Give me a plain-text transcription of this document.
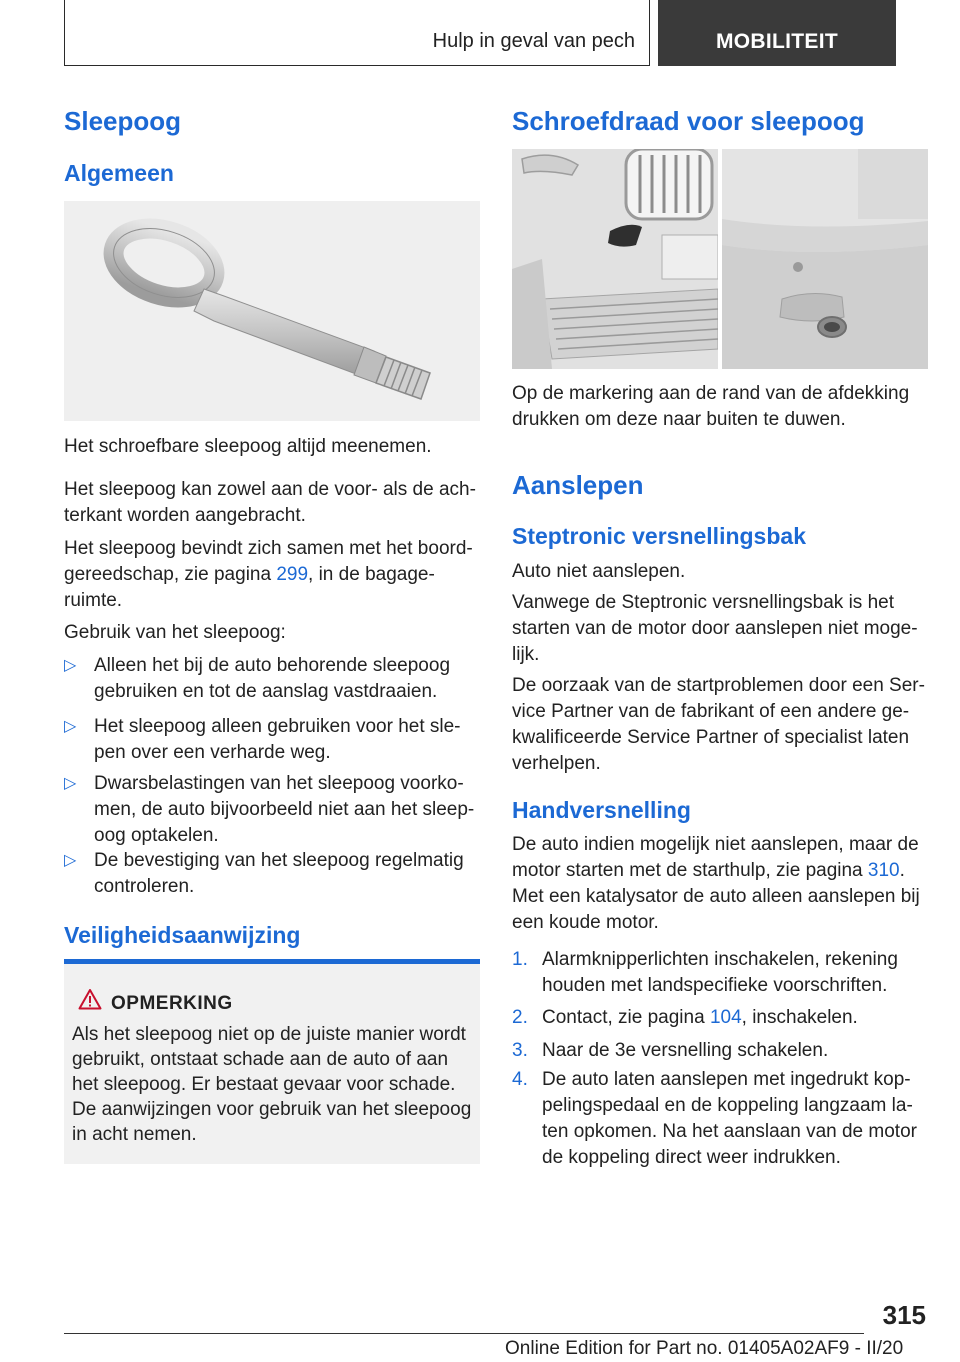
Hulp in geval van pech	MOBILITEIT
Sleepoog
Algemeen
Het schroefbare sleepoog altijd meenemen.
Het sleepoog kan zowel aan de voor- als de ach-
terkant worden aangebracht.
Het sleepoog bevindt zich samen met het boord-
gereedschap, zie pagina 299, in de bagage-
ruimte.
Gebruik van het sleepoog:
▷ Alleen het bij de auto behorende sleepoog
gebruiken en tot de aanslag vastdraaien.
▷ Het sleepoog alleen gebruiken voor het sle-
pen over een verharde weg.
▷ Dwarsbelastingen van het sleepoog voorko-
men, de auto bijvoorbeeld niet aan het sleep-
oog optakelen.
▷ De bevestiging van het sleepoog regelmatig
controleren.
Veiligheidsaanwijzing
OPMERKING
Als het sleepoog niet op de juiste manier wordt
gebruikt, ontstaat schade aan de auto of aan
het sleepoog. Er bestaat gevaar voor schade.
De aanwijzingen voor gebruik van het sleepoog
in acht nemen.
Schroefdraad voor sleepoog
Op de markering aan de rand van de afdekking
drukken om deze naar buiten te duwen.
Aanslepen
Steptronic versnellingsbak
Auto niet aanslepen.
Vanwege de Steptronic versnellingsbak is het
starten van de motor door aanslepen niet moge-
lijk.
De oorzaak van de startproblemen door een Ser-
vice Partner van de fabrikant of een andere ge-
kwalificeerde Service Partner of specialist laten
verhelpen.
Handversnelling
De auto indien mogelijk niet aanslepen, maar de
motor starten met de starthulp, zie pagina 310.
Met een katalysator de auto alleen aanslepen bij
een koude motor.
1. Alarmknipperlichten inschakelen, rekening
houden met landspecifieke voorschriften.
2. Contact, zie pagina 104, inschakelen.
3. Naar de 3e versnelling schakelen.
4. De auto laten aanslepen met ingedrukt kop-
pelingspedaal en de koppeling langzaam la-
ten opkomen. Na het aanslaan van de motor
de koppeling direct weer indrukken.
315
Online Edition for Part no. 01405A02AF9 - II/20
